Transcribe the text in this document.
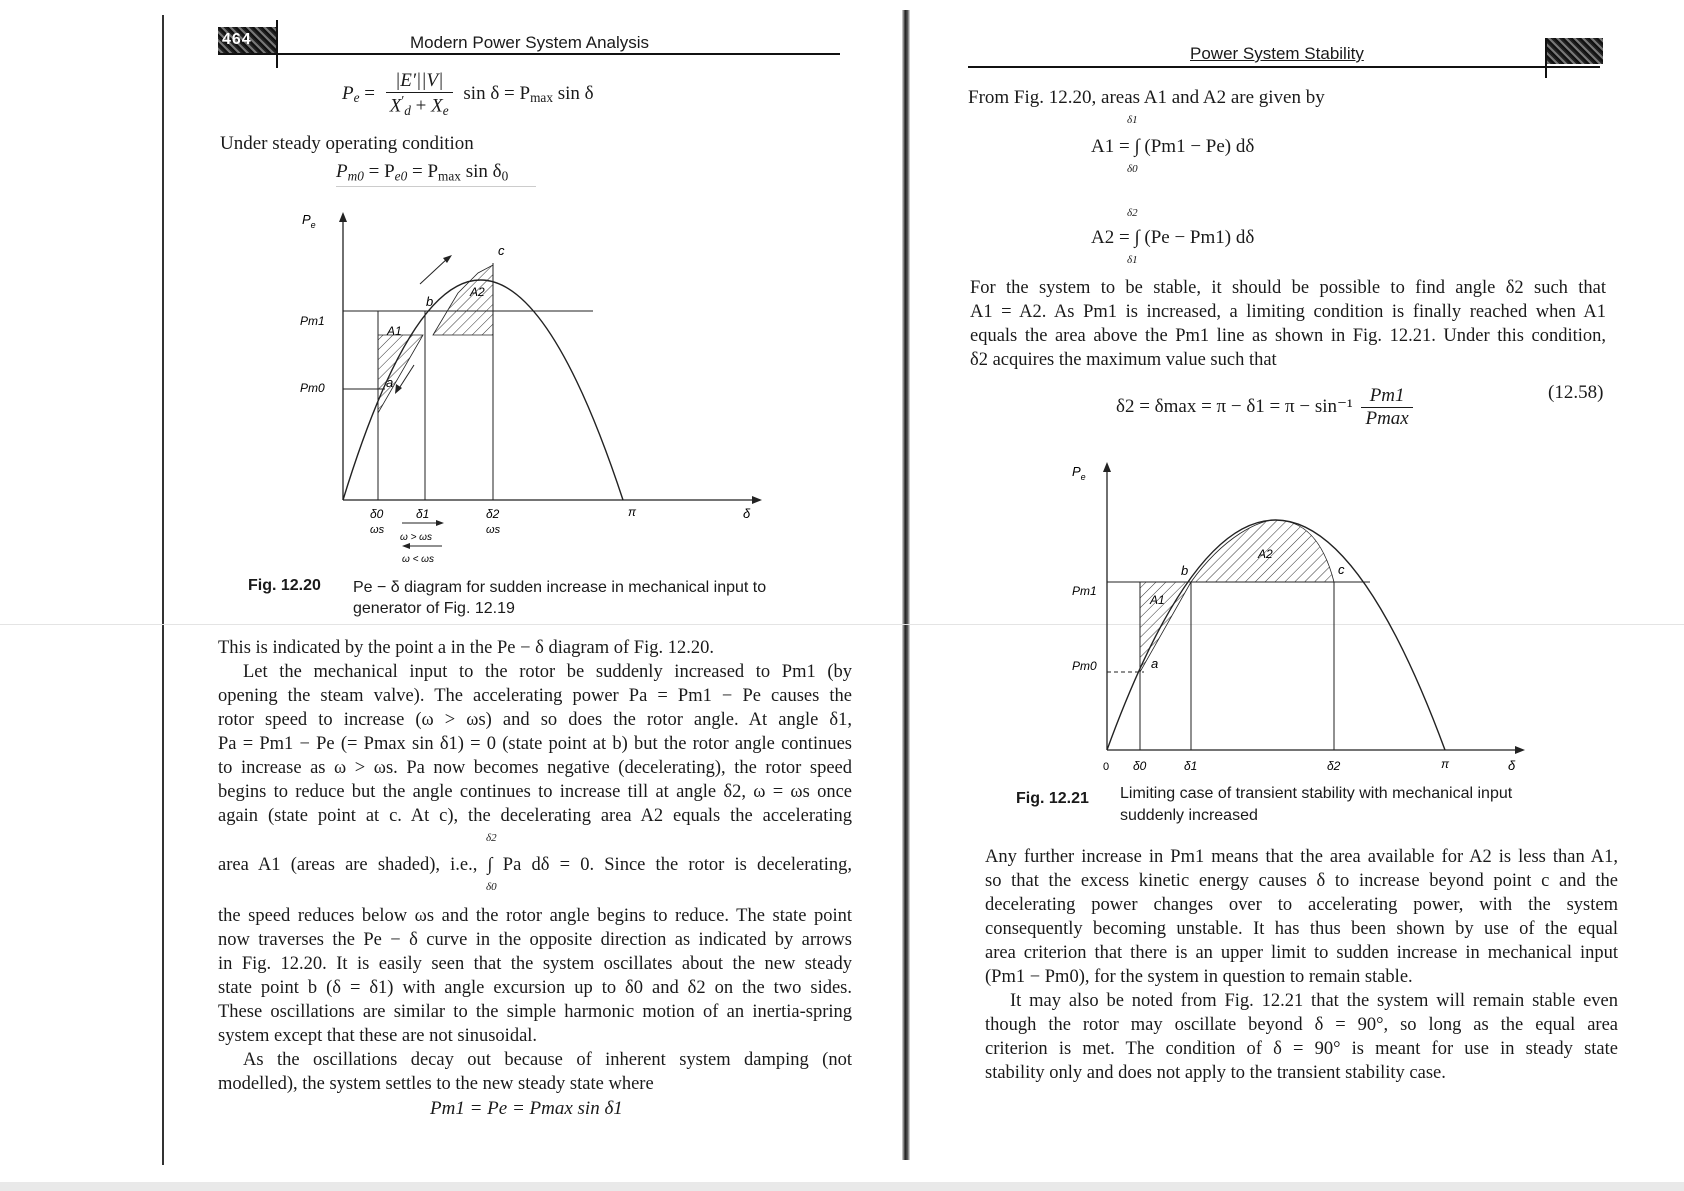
464	Modern Power System Analysis
$P_e = \frac{|E'||V|}{X'_d + X_e}$ $\sin \delta = P_{max}$ sin δ
Under steady operating condition
$P_{m0} = P_{e0} = P_{max}$ $\sin \delta_0$
$P_e$
Pm1
Pm0	a
b
c
A1
A2
δ0	δ1	δ2	π	δ
ωs	ωs
ω > ωs
ω < ωs
Fig. 12.20 Pe − δ diagram for sudden increase in mechanical input to
generator of Fig. 12.19
This is indicated by the point a in the Pe − δ diagram of Fig. 12.20.
Let the mechanical input to the rotor be suddenly increased to Pm1 (by
opening the steam valve). The accelerating power Pa = Pm1 − Pe causes the
rotor speed to increase (ω > ωs) and so does the rotor angle. At angle δ1,
Pa = Pm1 − Pe (= Pmax sin δ1) = 0 (state point at b) but the rotor angle continues
to increase as ω > ωs. Pa now becomes negative (decelerating), the rotor speed
begins to reduce but the angle continues to increase till at angle δ2, ω = ωs once
again (state point at c. At c), the decelerating area A2 equals the accelerating
δ2
area A1 (areas are shaded), i.e., ∫ Pa dδ = 0. Since the rotor is decelerating,
δ0
the speed reduces below ωs and the rotor angle begins to reduce. The state point
now traverses the Pe − δ curve in the opposite direction as indicated by arrows
in Fig. 12.20. It is easily seen that the system oscillates about the new steady
state point b (δ = δ1) with angle excursion up to δ0 and δ2 on the two sides.
These oscillations are similar to the simple harmonic motion of an inertia-spring
system except that these are not sinusoidal.
As the oscillations decay out because of inherent system damping (not
modelled), the system settles to the new steady state where
Pm1 = Pe = Pmax sin δ1
Power System Stability
From Fig. 12.20, areas A1 and A2 are given by
δ1
A1 = ∫ (Pm1 − Pe) dδ
δ0
δ2
A2 = ∫ (Pe − Pm1) dδ
δ1
For the system to be stable, it should be possible to find angle δ2 such that
A1 = A2. As Pm1 is increased, a limiting condition is finally reached when A1
equals the area above the Pm1 line as shown in Fig. 12.21. Under this condition,
δ2 acquires the maximum value such that
$\delta 2 = \delta\max = \pi - \delta 1 = \pi - \sin^{-1} \frac{Pm1}{Pmax}$	(12.58)
$P_e$
Pm1
Pm0	a
b	c
A1
A2
0 δ0	δ1	δ2	π	δ
Fig. 12.21 Limiting case of transient stability with mechanical input
suddenly increased
Any further increase in Pm1 means that the area available for A2 is less than A1,
so that the excess kinetic energy causes δ to increase beyond point c and the
decelerating power changes over to accelerating power, with the system
consequently becoming unstable. It has thus been shown by use of the equal
area criterion that there is an upper limit to sudden increase in mechanical input
(Pm1 − Pm0), for the system in question to remain stable.
It may also be noted from Fig. 12.21 that the system will remain stable even
though the rotor may oscillate beyond δ = 90°, so long as the equal area
criterion is met. The condition of δ = 90° is meant for use in steady state
stability only and does not apply to the transient stability case.
